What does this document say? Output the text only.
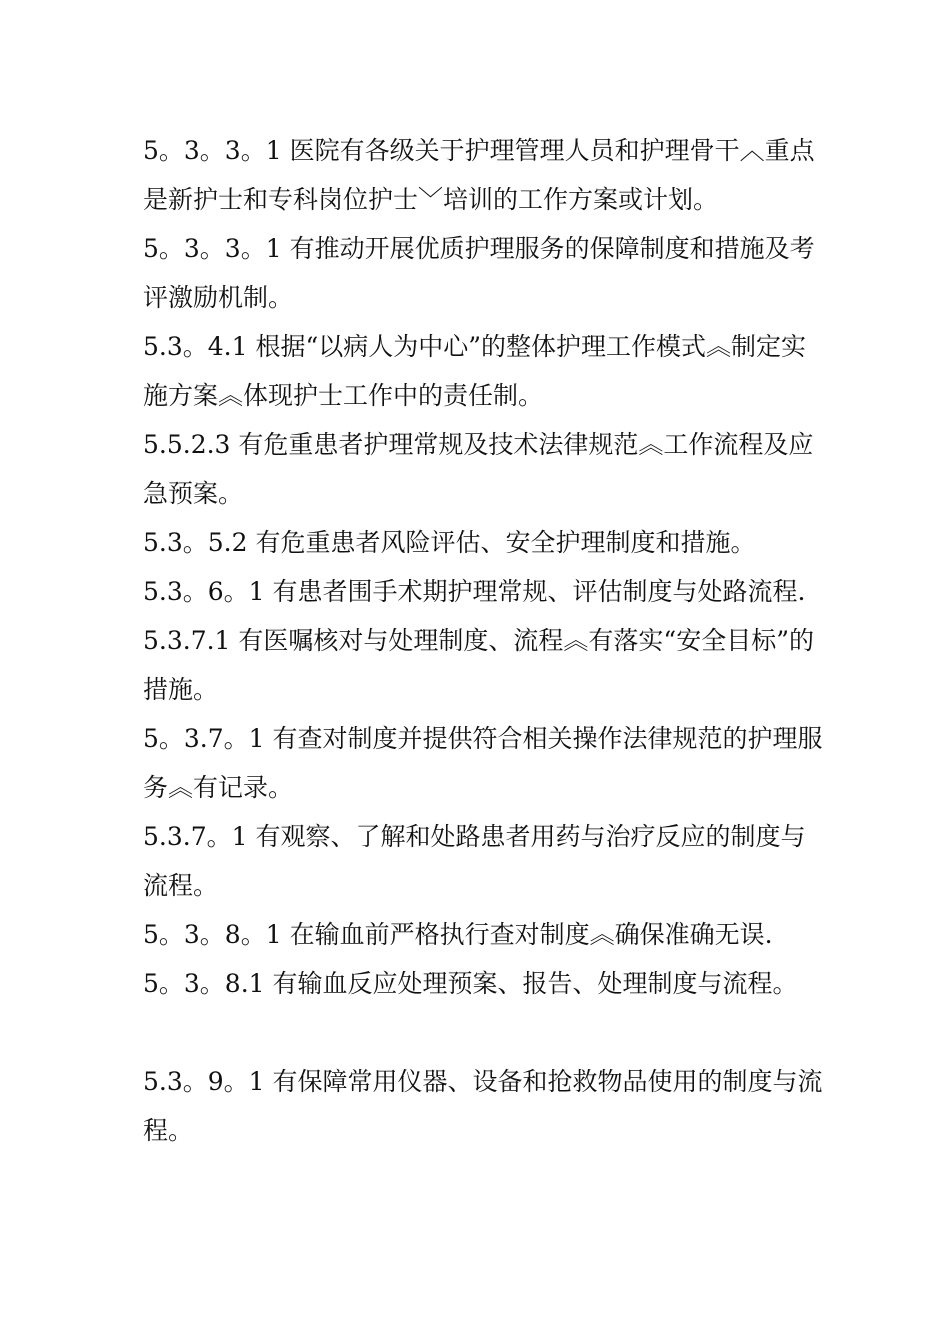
5。3。3。1 医院有各级关于护理管理人员和护理骨干︿重点是新护士和专科岗位护士﹀培训的工作方案或计划。

5。3。3。1 有推动开展优质护理服务的保障制度和措施及考评激励机制。

5.3。4.1 根据“以病人为中心”的整体护理工作模式︽制定实施方案︽体现护士工作中的责任制。

5.5.2.3 有危重患者护理常规及技术法律规范︽工作流程及应急预案。

5.3。5.2 有危重患者风险评估、安全护理制度和措施。

5.3。6。1 有患者围手术期护理常规、评估制度与处路流程.

5.3.7.1 有医嘱核对与处理制度、流程︽有落实“安全目标”的措施。

5。3.7。1 有查对制度并提供符合相关操作法律规范的护理服务︽有记录。

5.3.7。1 有观察、了解和处路患者用药与治疗反应的制度与流程。

5。3。8。1 在输血前严格执行查对制度︽确保准确无误.

5。3。8.1 有输血反应处理预案、报告、处理制度与流程。

5.3。9。1 有保障常用仪器、设备和抢救物品使用的制度与流程。
